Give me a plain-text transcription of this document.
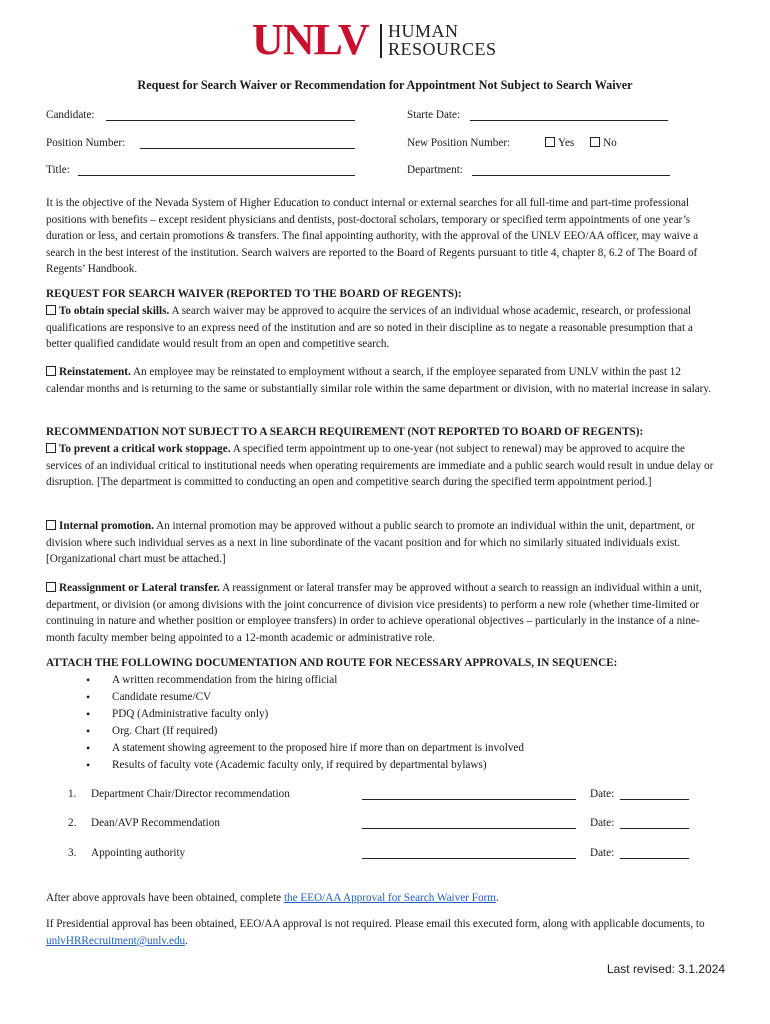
UNLV HUMAN
RESOURCES
Request for Search Waiver or Recommendation for Appointment Not Subject to Search Waiver
Candidate:	Starte Date:
Position Number:	New Position Number:	Yes	No
Title:	Department:
It is the objective of the Nevada System of Higher Education to conduct internal or external searches for all full-time and part-time professional positions with benefits – except resident physicians and dentists, post-doctoral scholars, temporary or specified term appointments of one year’s duration or less, and certain promotions & transfers. The final appointing authority, with the approval of the UNLV EEO/AA officer, may waive a search in the best interest of the institution. Search waivers are reported to the Board of Regents pursuant to title 4, chapter 8, 6.2 of The Board of Regents’ Handbook.
REQUEST FOR SEARCH WAIVER (REPORTED TO THE BOARD OF REGENTS):
To obtain special skills. A search waiver may be approved to acquire the services of an individual whose academic, research, or professional qualifications are responsive to an express need of the institution and are so noted in their discipline as to negate a reasonable presumption that a better qualified candidate would result from an open and competitive search.
Reinstatement. An employee may be reinstated to employment without a search, if the employee separated from UNLV within the past 12 calendar months and is returning to the same or substantially similar role within the same department or division, with no material increase in salary.
RECOMMENDATION NOT SUBJECT TO A SEARCH REQUIREMENT (NOT REPORTED TO BOARD OF REGENTS):
To prevent a critical work stoppage. A specified term appointment up to one-year (not subject to renewal) may be approved to acquire the services of an individual critical to institutional needs when operating requirements are immediate and a public search would result in undue delay or disruption. [The department is committed to conducting an open and competitive search during the specified term appointment period.]
Internal promotion. An internal promotion may be approved without a public search to promote an individual within the unit, department, or division where such individual serves as a next in line subordinate of the vacant position and for which no similarly situated individuals exist. [Organizational chart must be attached.]
Reassignment or Lateral transfer. A reassignment or lateral transfer may be approved without a search to reassign an individual within a unit, department, or division (or among divisions with the joint concurrence of division vice presidents) to perform a new role (whether time-limited or continuing in nature and whether position or employee transfers) in order to achieve operational objectives – particularly in the instance of a nine-month faculty member being appointed to a 12-month academic or administrative role.
ATTACH THE FOLLOWING DOCUMENTATION AND ROUTE FOR NECESSARY APPROVALS, IN SEQUENCE:
• A written recommendation from the hiring official
• Candidate resume/CV
• PDQ (Administrative faculty only)
• Org. Chart (If required)
• A statement showing agreement to the proposed hire if more than on department is involved
• Results of faculty vote (Academic faculty only, if required by departmental bylaws)
1. Department Chair/Director recommendation	Date:
2. Dean/AVP Recommendation	Date:
3. Appointing authority	Date:
After above approvals have been obtained, complete the EEO/AA Approval for Search Waiver Form.
If Presidential approval has been obtained, EEO/AA approval is not required. Please email this executed form, along with applicable documents, to unlvHRRecruitment@unlv.edu.
Last revised: 3.1.2024
